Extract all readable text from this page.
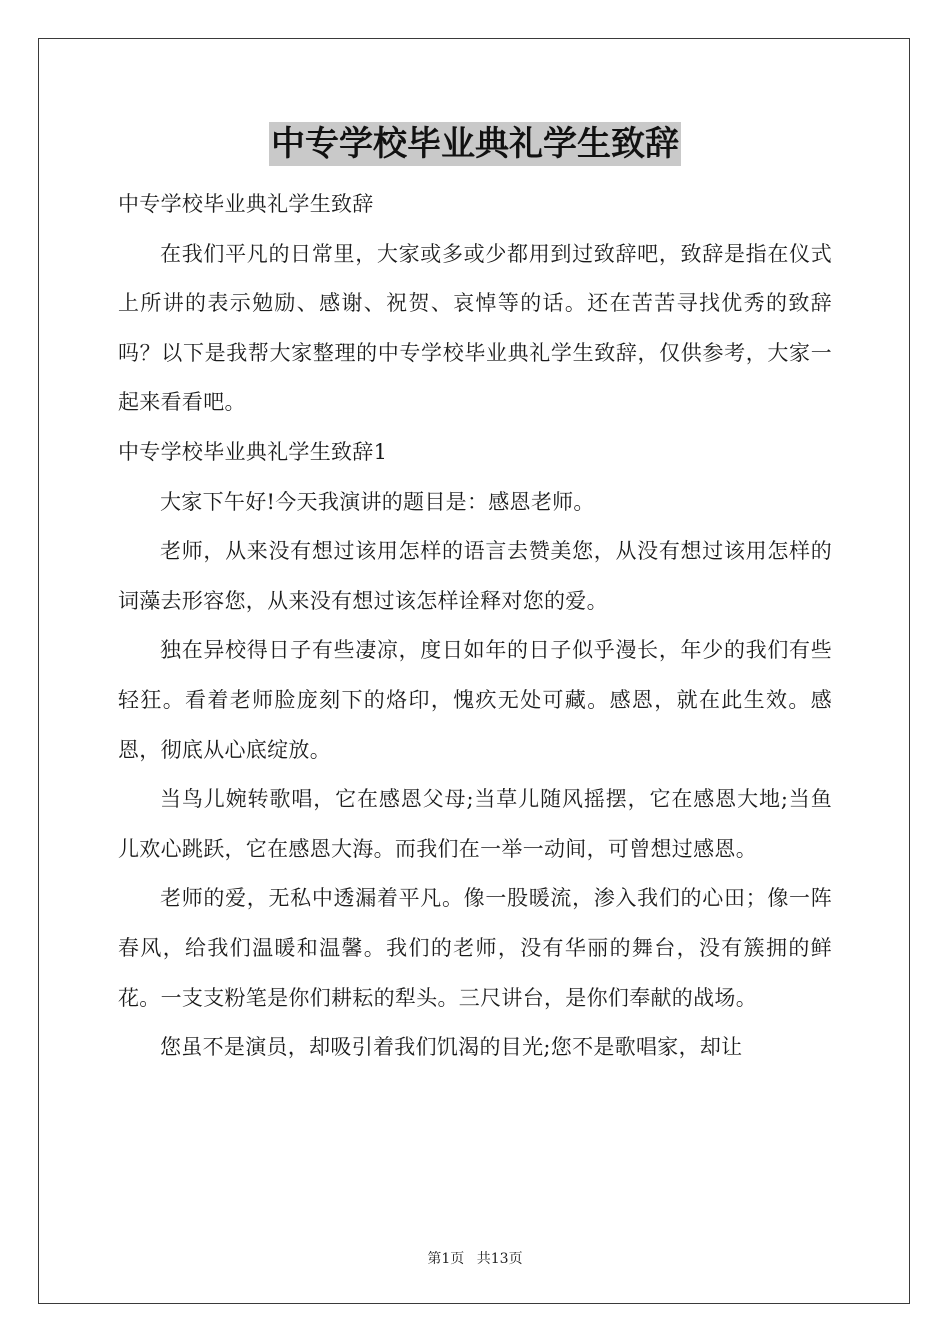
中专学校毕业典礼学生致辞

中专学校毕业典礼学生致辞

在我们平凡的日常里，大家或多或少都用到过致辞吧，致辞是指在仪式上所讲的表示勉励、感谢、祝贺、哀悼等的话。还在苦苦寻找优秀的致辞吗？以下是我帮大家整理的中专学校毕业典礼学生致辞，仅供参考，大家一起来看看吧。

中专学校毕业典礼学生致辞1

大家下午好!今天我演讲的题目是：感恩老师。

老师，从来没有想过该用怎样的语言去赞美您，从没有想过该用怎样的词藻去形容您，从来没有想过该怎样诠释对您的爱。

独在异校得日子有些凄凉，度日如年的日子似乎漫长，年少的我们有些轻狂。看着老师脸庞刻下的烙印，愧疚无处可藏。感恩，就在此生效。感恩，彻底从心底绽放。

当鸟儿婉转歌唱，它在感恩父母;当草儿随风摇摆，它在感恩大地;当鱼儿欢心跳跃，它在感恩大海。而我们在一举一动间，可曾想过感恩。

老师的爱，无私中透漏着平凡。像一股暖流，渗入我们的心田；像一阵春风，给我们温暖和温馨。我们的老师，没有华丽的舞台，没有簇拥的鲜花。一支支粉笔是你们耕耘的犁头。三尺讲台，是你们奉献的战场。

您虽不是演员，却吸引着我们饥渴的目光;您不是歌唱家，却让

第1页 共13页
